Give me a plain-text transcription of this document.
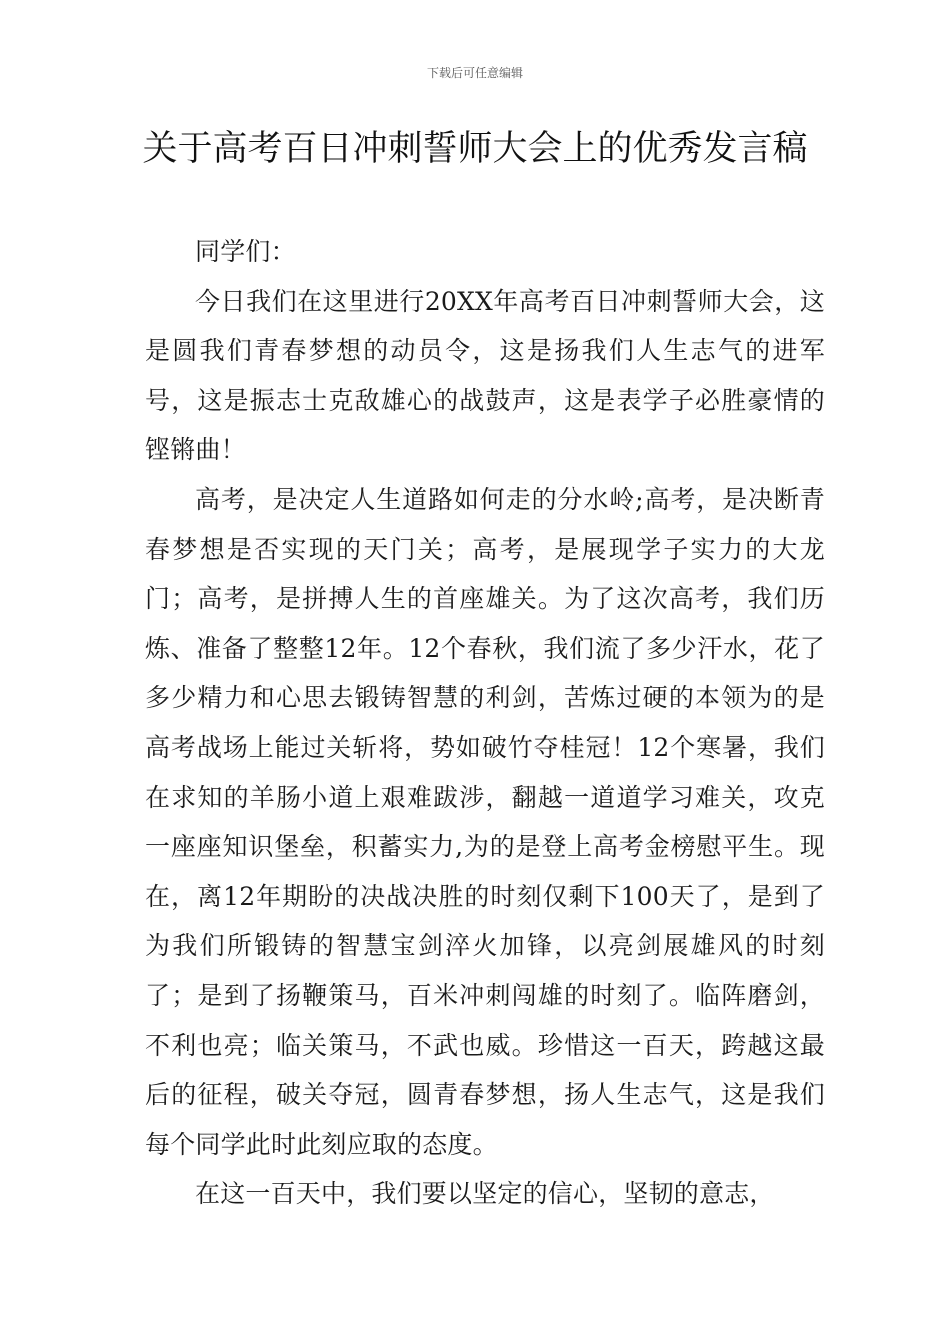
下载后可任意编辑
关于高考百日冲刺誓师大会上的优秀发言稿

同学们：

今日我们在这里进行20XX年高考百日冲刺誓师大会，这是圆我们青春梦想的动员令，这是扬我们人生志气的进军号，这是振志士克敌雄心的战鼓声，这是表学子必胜豪情的铿锵曲！

高考，是决定人生道路如何走的分水岭;高考，是决断青春梦想是否实现的天门关；高考，是展现学子实力的大龙门；高考，是拼搏人生的首座雄关。为了这次高考，我们历炼、准备了整整12年。12个春秋，我们流了多少汗水，花了多少精力和心思去锻铸智慧的利剑，苦炼过硬的本领为的是高考战场上能过关斩将，势如破竹夺桂冠！12个寒暑，我们在求知的羊肠小道上艰难跋涉，翻越一道道学习难关，攻克一座座知识堡垒，积蓄实力,为的是登上高考金榜慰平生。现在，离12年期盼的决战决胜的时刻仅剩下100天了，是到了为我们所锻铸的智慧宝剑淬火加锋，以亮剑展雄风的时刻了；是到了扬鞭策马，百米冲刺闯雄的时刻了。临阵磨剑，不利也亮；临关策马，不武也威。珍惜这一百天，跨越这最后的征程，破关夺冠，圆青春梦想，扬人生志气，这是我们每个同学此时此刻应取的态度。

在这一百天中，我们要以坚定的信心，坚韧的意志，
